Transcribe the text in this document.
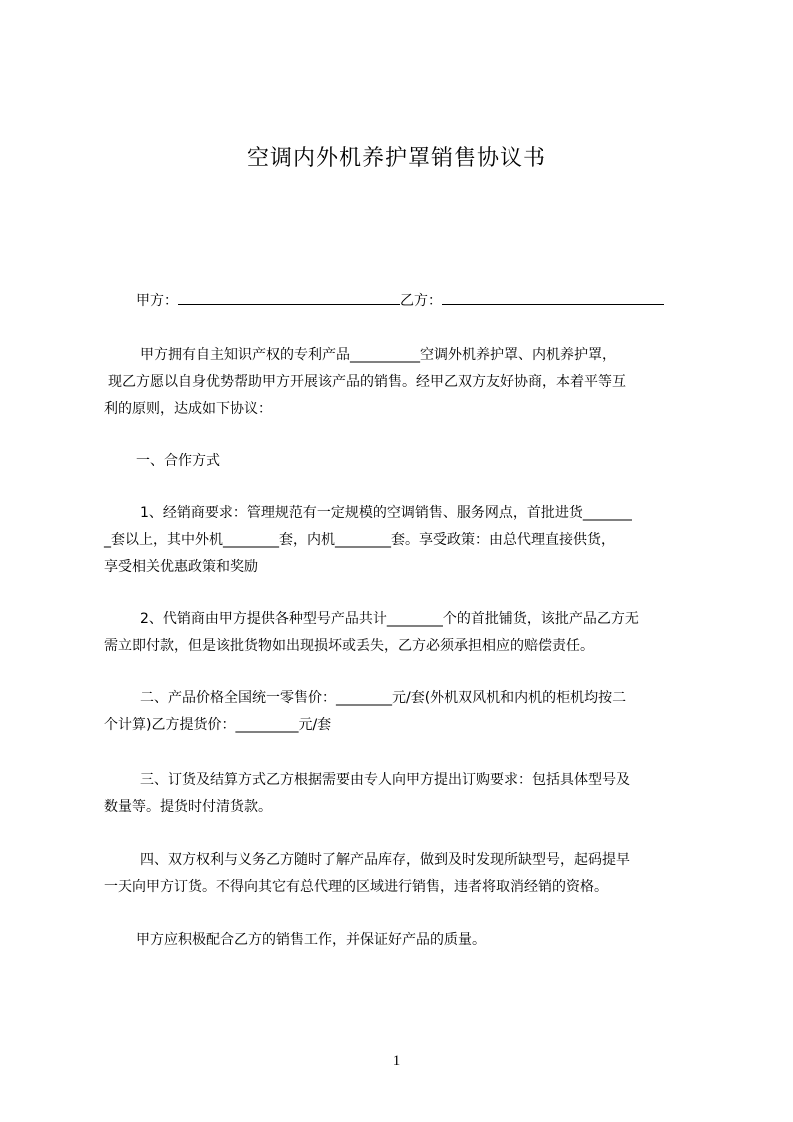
空调内外机养护罩销售协议书
甲方：	乙方：
甲方拥有自主知识产权的专利产品__________空调外机养护罩、内机养护罩，
现乙方愿以自身优势帮助甲方开展该产品的销售。经甲乙双方友好协商，本着平等互
利的原则，达成如下协议：
一、合作方式
1、经销商要求：管理规范有一定规模的空调销售、服务网点，首批进货_______
_套以上，其中外机________套，内机________套。享受政策：由总代理直接供货，
享受相关优惠政策和奖励
2、代销商由甲方提供各种型号产品共计________个的首批铺货，该批产品乙方无
需立即付款，但是该批货物如出现损坏或丢失，乙方必须承担相应的赔偿责任。
二、产品价格全国统一零售价：________元/套(外机双风机和内机的柜机均按二
个计算)乙方提货价：_________元/套
三、订货及结算方式乙方根据需要由专人向甲方提出订购要求：包括具体型号及
数量等。提货时付清货款。
四、双方权利与义务乙方随时了解产品库存，做到及时发现所缺型号，起码提早
一天向甲方订货。不得向其它有总代理的区域进行销售，违者将取消经销的资格。
甲方应积极配合乙方的销售工作，并保证好产品的质量。
1
